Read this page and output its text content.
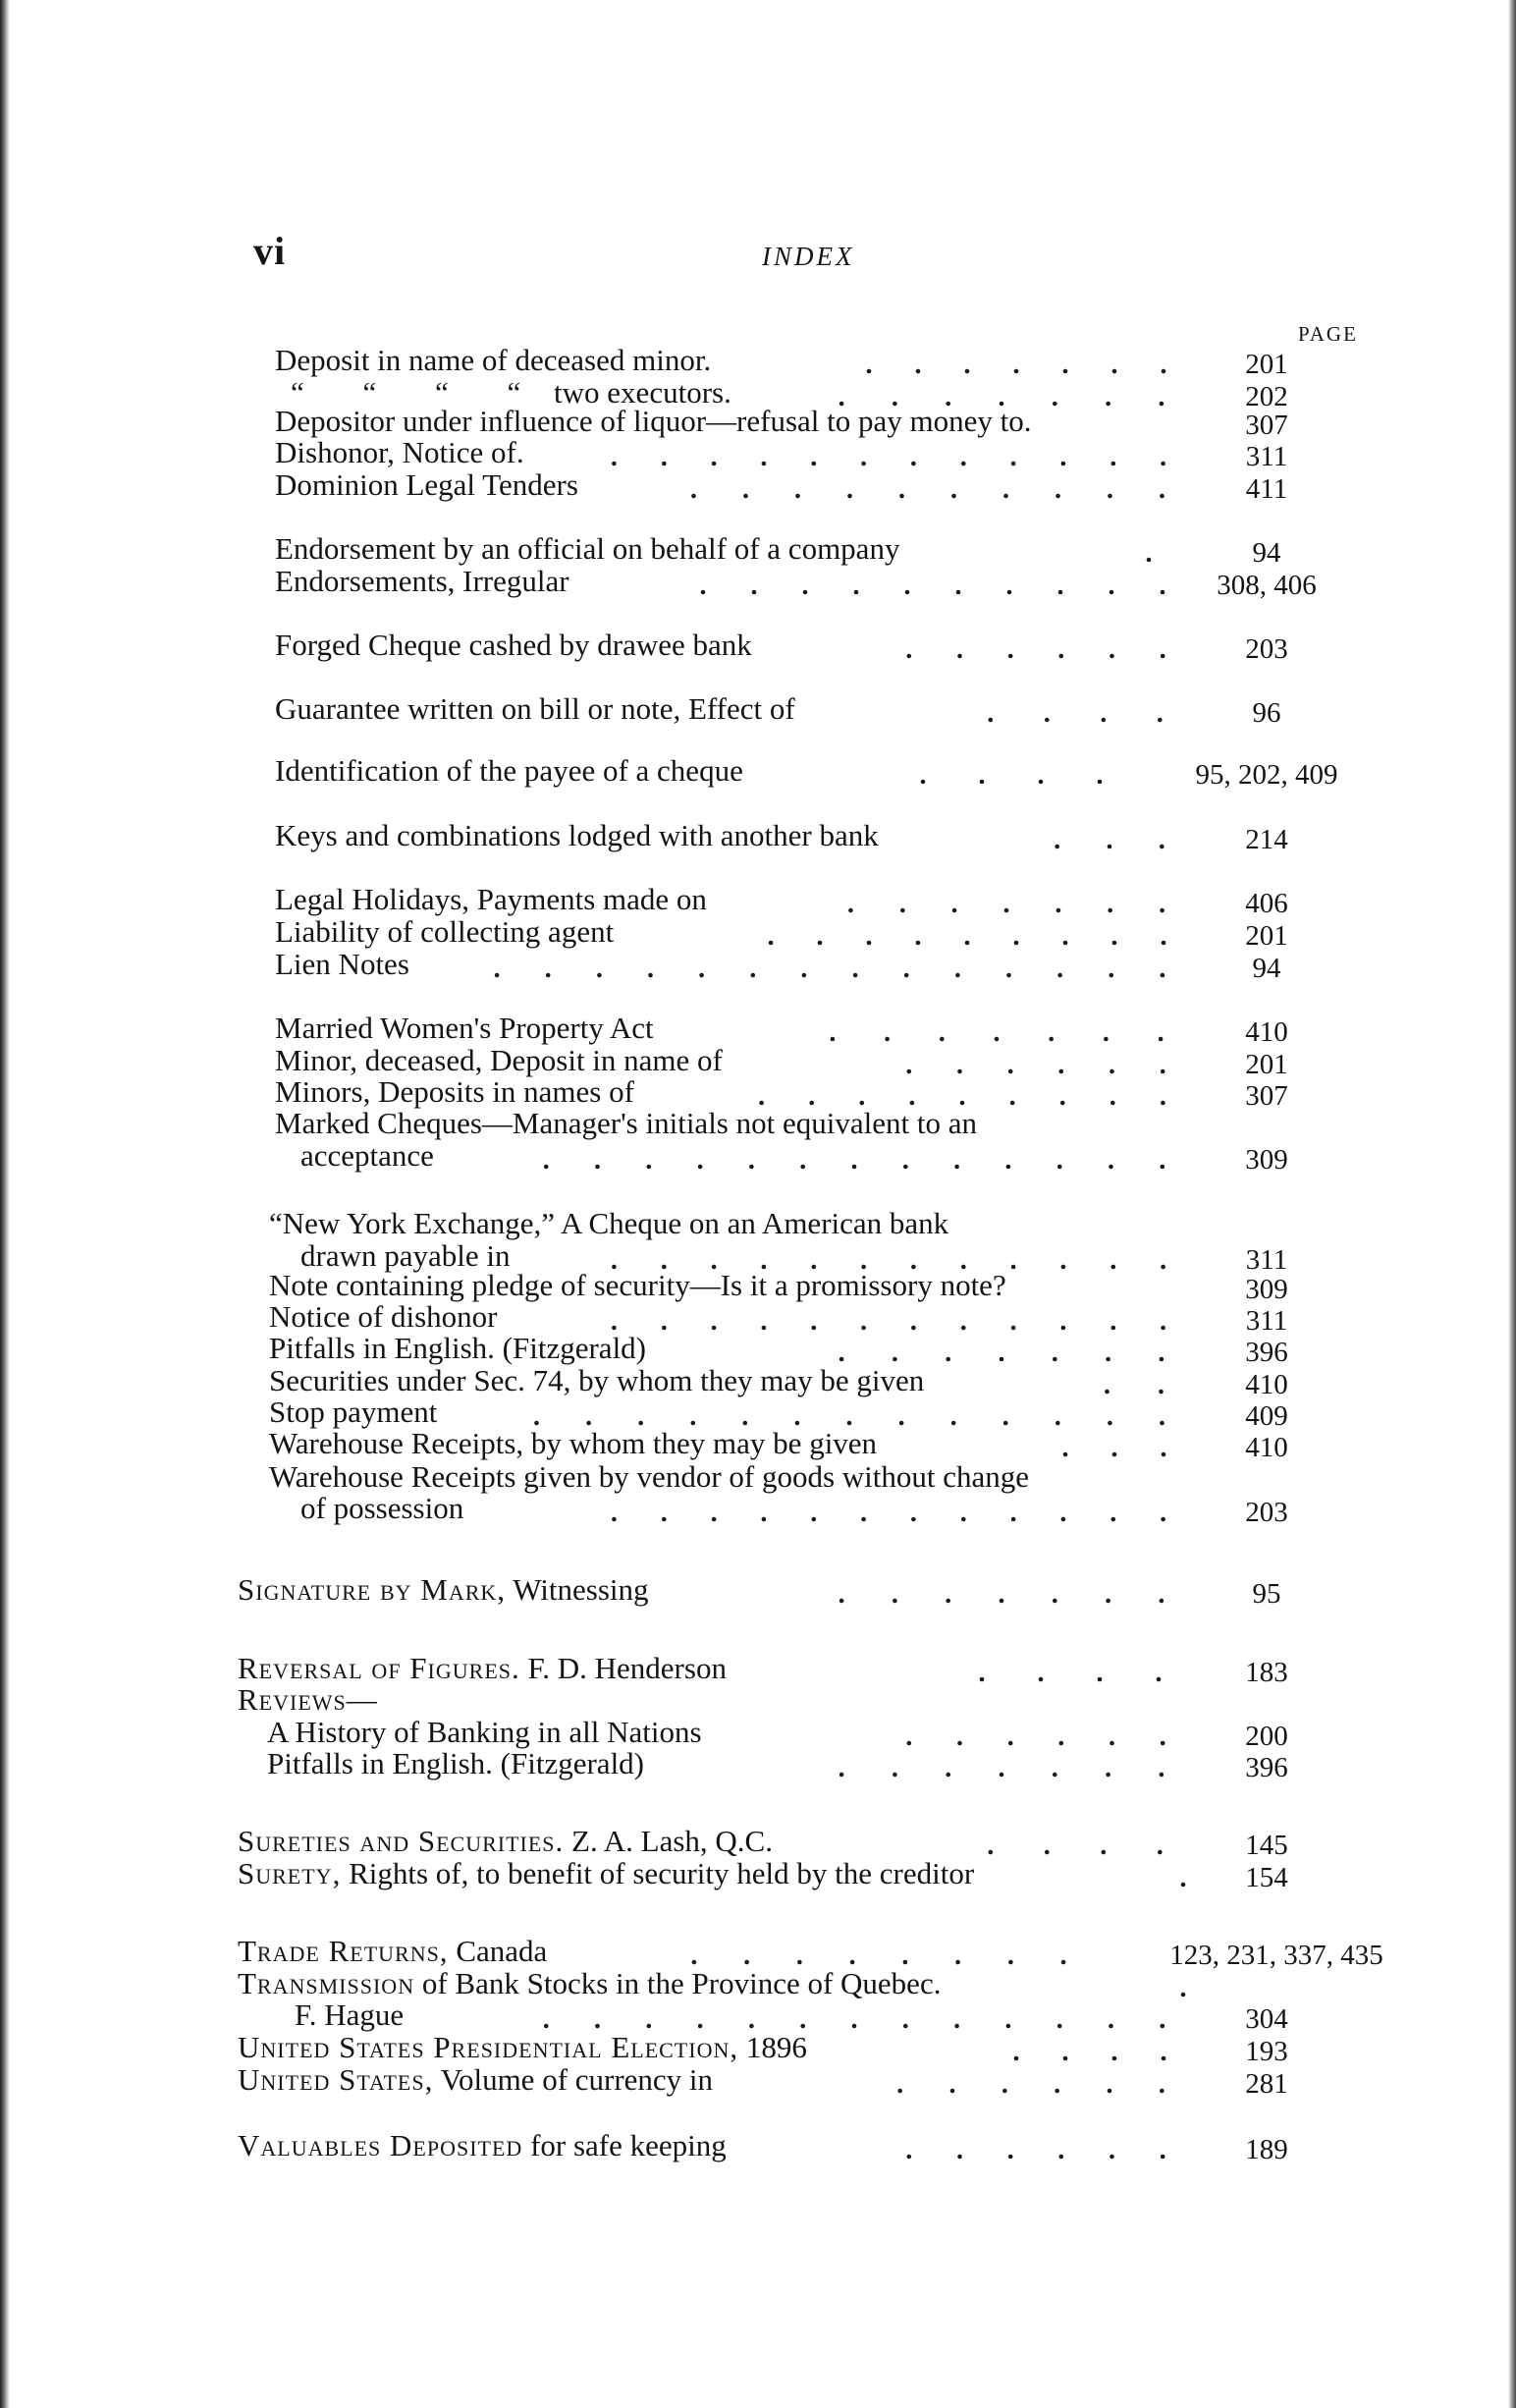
vi	INDEX
PAGE
Deposit in name of deceased minor.	201
“ “ “ “ two executors.	202
Depositor under influence of liquor—refusal to pay money to.	307
Dishonor, Notice of.	311
Dominion Legal Tenders	411
Endorsement by an official on behalf of a company	94
Endorsements, Irregular	308, 406
Forged Cheque cashed by drawee bank	203
Guarantee written on bill or note, Effect of	96
Identification of the payee of a cheque	95, 202, 409
Keys and combinations lodged with another bank	214
Legal Holidays, Payments made on	406
Liability of collecting agent	201
Lien Notes	94
Married Women's Property Act	410
Minor, deceased, Deposit in name of	201
Minors, Deposits in names of	307
Marked Cheques—Manager's initials not equivalent to an
acceptance	309
“New York Exchange,” A Cheque on an American bank
drawn payable in	311
Note containing pledge of security—Is it a promissory note?	309
Notice of dishonor	311
Pitfalls in English. (Fitzgerald)	396
Securities under Sec. 74, by whom they may be given	410
Stop payment	409
Warehouse Receipts, by whom they may be given	410
Warehouse Receipts given by vendor of goods without change
of possession	203
Signature by Mark, Witnessing	95
Reversal of Figures. F. D. Henderson	183
Reviews—
A History of Banking in all Nations	200
Pitfalls in English. (Fitzgerald)	396
Sureties and Securities. Z. A. Lash, Q.C.	145
Surety, Rights of, to benefit of security held by the creditor	154
Trade Returns, Canada	123, 231, 337, 435
Transmission of Bank Stocks in the Province of Quebec.
F. Hague	304
United States Presidential Election, 1896	193
United States, Volume of currency in	281
Valuables Deposited for safe keeping	189
